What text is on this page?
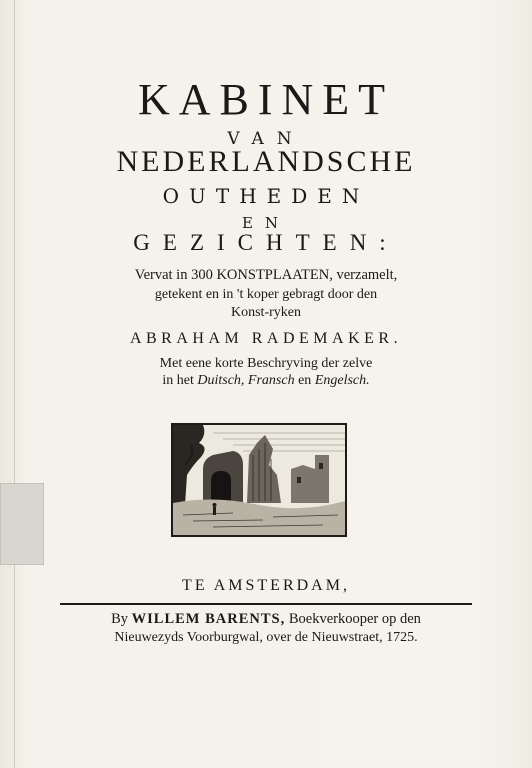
KABINET
VAN
NEDERLANDSCHE
OUTHEDEN
EN
GEZICHTEN:
Vervat in 300 KONSTPLAATEN, verzamelt,
getekent en in 't koper gebragt door den
Konst-ryken
ABRAHAM RADEMAKER.
Met eene korte Beschryving der zelve
in het Duitsch, Fransch en Engelsch.
TE AMSTERDAM,
By WILLEM BARENTS, Boekverkooper op den
Nieuwezyds Voorburgwal, over de Nieuwstraet, 1725.
